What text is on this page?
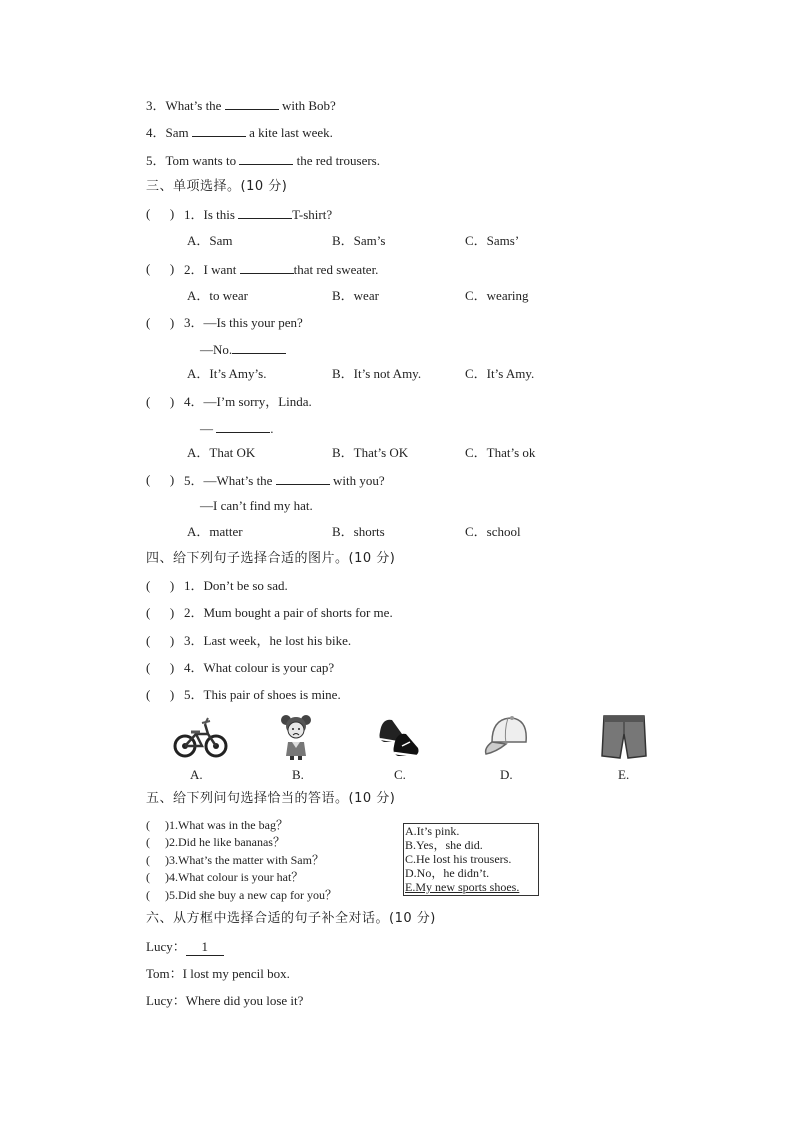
3．What’s the	with Bob?
4．Sam	a kite last week.
5．Tom wants to	the red trousers.
三、单项选择。(10 分)
(      ) 1．Is this	T-shirt?
A．Sam	B．Sam’s	C．Sams’
(      ) 2．I want	that red sweater.
A．to wear	B．wear	C．wearing
(      ) 3．—Is this your pen?
—No.
A．It’s Amy’s.	B．It’s not Amy.	C．It’s Amy.
(      ) 4．—I’m sorry，Linda.
—	.
A．That OK	B．That’s OK	C．That’s ok
(      ) 5．—What’s the	with you?
—I can’t find my hat.
A．matter	B．shorts	C．school
四、给下列句子选择合适的图片。(10 分)
(      ) 1．Don’t be so sad.
(      ) 2．Mum bought a pair of shorts for me.
(      ) 3．Last week，he lost his bike.
(      ) 4．What colour is your cap?
(      ) 5．This pair of shoes is mine.
A.	B.	C.	D.	E.
五、给下列问句选择恰当的答语。(10 分)
(     )1.What was in the bag？
(     )2.Did he like bananas？
(     )3.What’s the matter with Sam？
(     )4.What colour is your hat？
(     )5.Did she buy a new cap for you？
A.It’s pink.
B.Yes，she did.
C.He lost his trousers.
D.No，he didn’t.
E.My new sports shoes.
六、从方框中选择合适的句子补全对话。(10 分)
Lucy： 1
Tom：I lost my pencil box.
Lucy：Where did you lose it?
